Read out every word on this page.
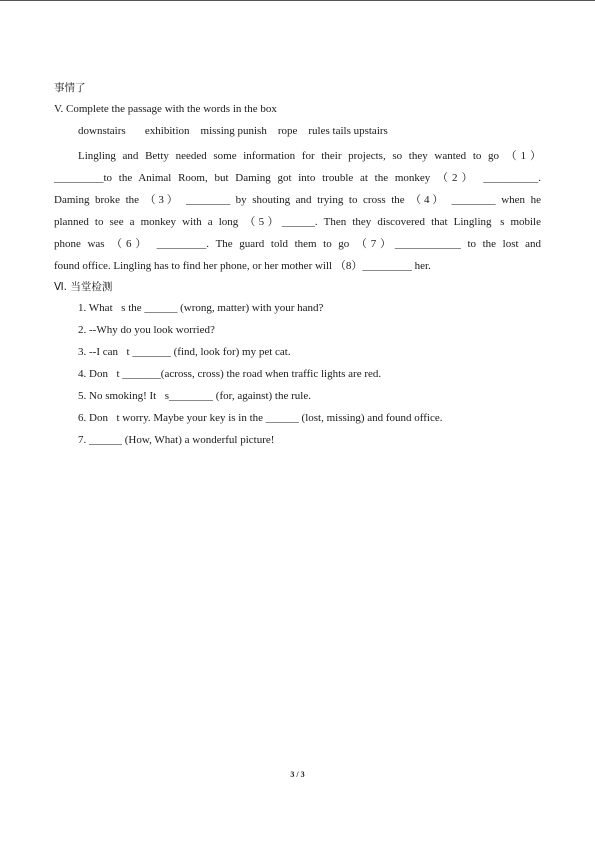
事情了
V. Complete the passage with the words in the box
downstairs       exhibition    missing punish    rope    rules tails upstairs
Lingling and Betty needed some information for their projects, so they wanted to go （1）
_________to the Animal Room, but Daming got into trouble at the monkey （2） __________.
Daming broke the （3） ________ by shouting and trying to cross the （4） ________ when he
planned to see a monkey with a long （5）______. Then they discovered that Lingling s mobile
phone was （6） _________. The guard told them to go （7）____________ to the lost and
found office. Lingling has to find her phone, or her mother will （8）_________ her.
Ⅵ. 当堂检测
1. What s the ______ (wrong, matter) with your hand?
2. --Why do you look worried?
3. --I can t _______ (find, look for) my pet cat.
4. Don t _______(across, cross) the road when traffic lights are red.
5. No smoking! It s________ (for, against) the rule.
6. Don t worry. Maybe your key is in the ______ (lost, missing) and found office.
7. ______ (How, What) a wonderful picture!
3 / 3
